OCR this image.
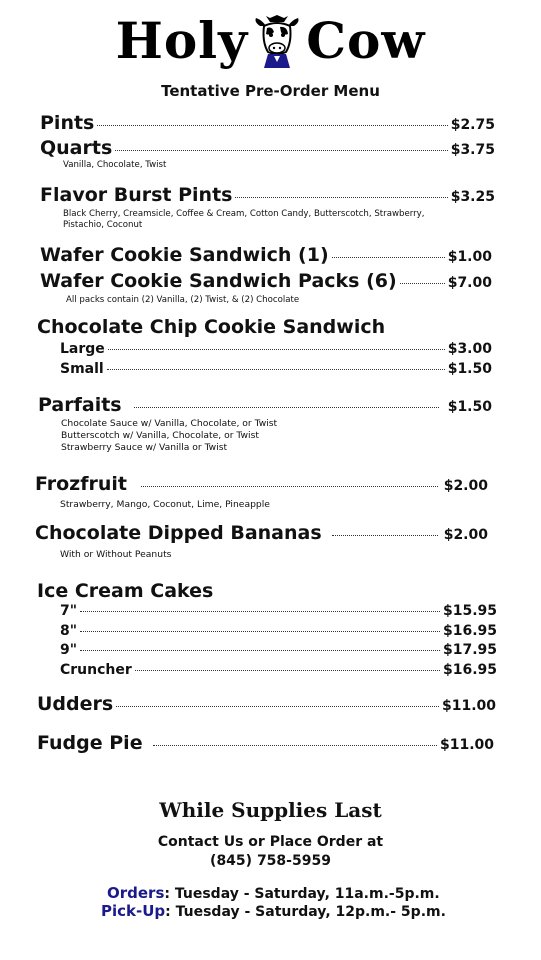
Holy Cow
Tentative Pre-Order Menu
Pints	$2.75
Quarts	$3.75
Vanilla, Chocolate, Twist
Flavor Burst Pints	$3.25
Black Cherry, Creamsicle, Coffee & Cream, Cotton Candy, Butterscotch, Strawberry, Pistachio, Coconut
Wafer Cookie Sandwich (1)	$1.00
Wafer Cookie Sandwich Packs (6)	$7.00
All packs contain (2) Vanilla, (2) Twist, & (2) Chocolate
Chocolate Chip Cookie Sandwich
Large	$3.00
Small	$1.50
Parfaits	$1.50
Chocolate Sauce w/ Vanilla, Chocolate, or Twist
Butterscotch w/ Vanilla, Chocolate, or Twist
Strawberry Sauce w/ Vanilla or Twist
Frozfruit	$2.00
Strawberry, Mango, Coconut, Lime, Pineapple
Chocolate Dipped Bananas	$2.00
With or Without Peanuts
Ice Cream Cakes
7"	$15.95
8"	$16.95
9"	$17.95
Cruncher	$16.95
Udders	$11.00
Fudge Pie	$11.00
While Supplies Last
Contact Us or Place Order at
(845) 758-5959
Orders: Tuesday - Saturday, 11a.m.-5p.m.
Pick-Up: Tuesday - Saturday, 12p.m.- 5p.m.
